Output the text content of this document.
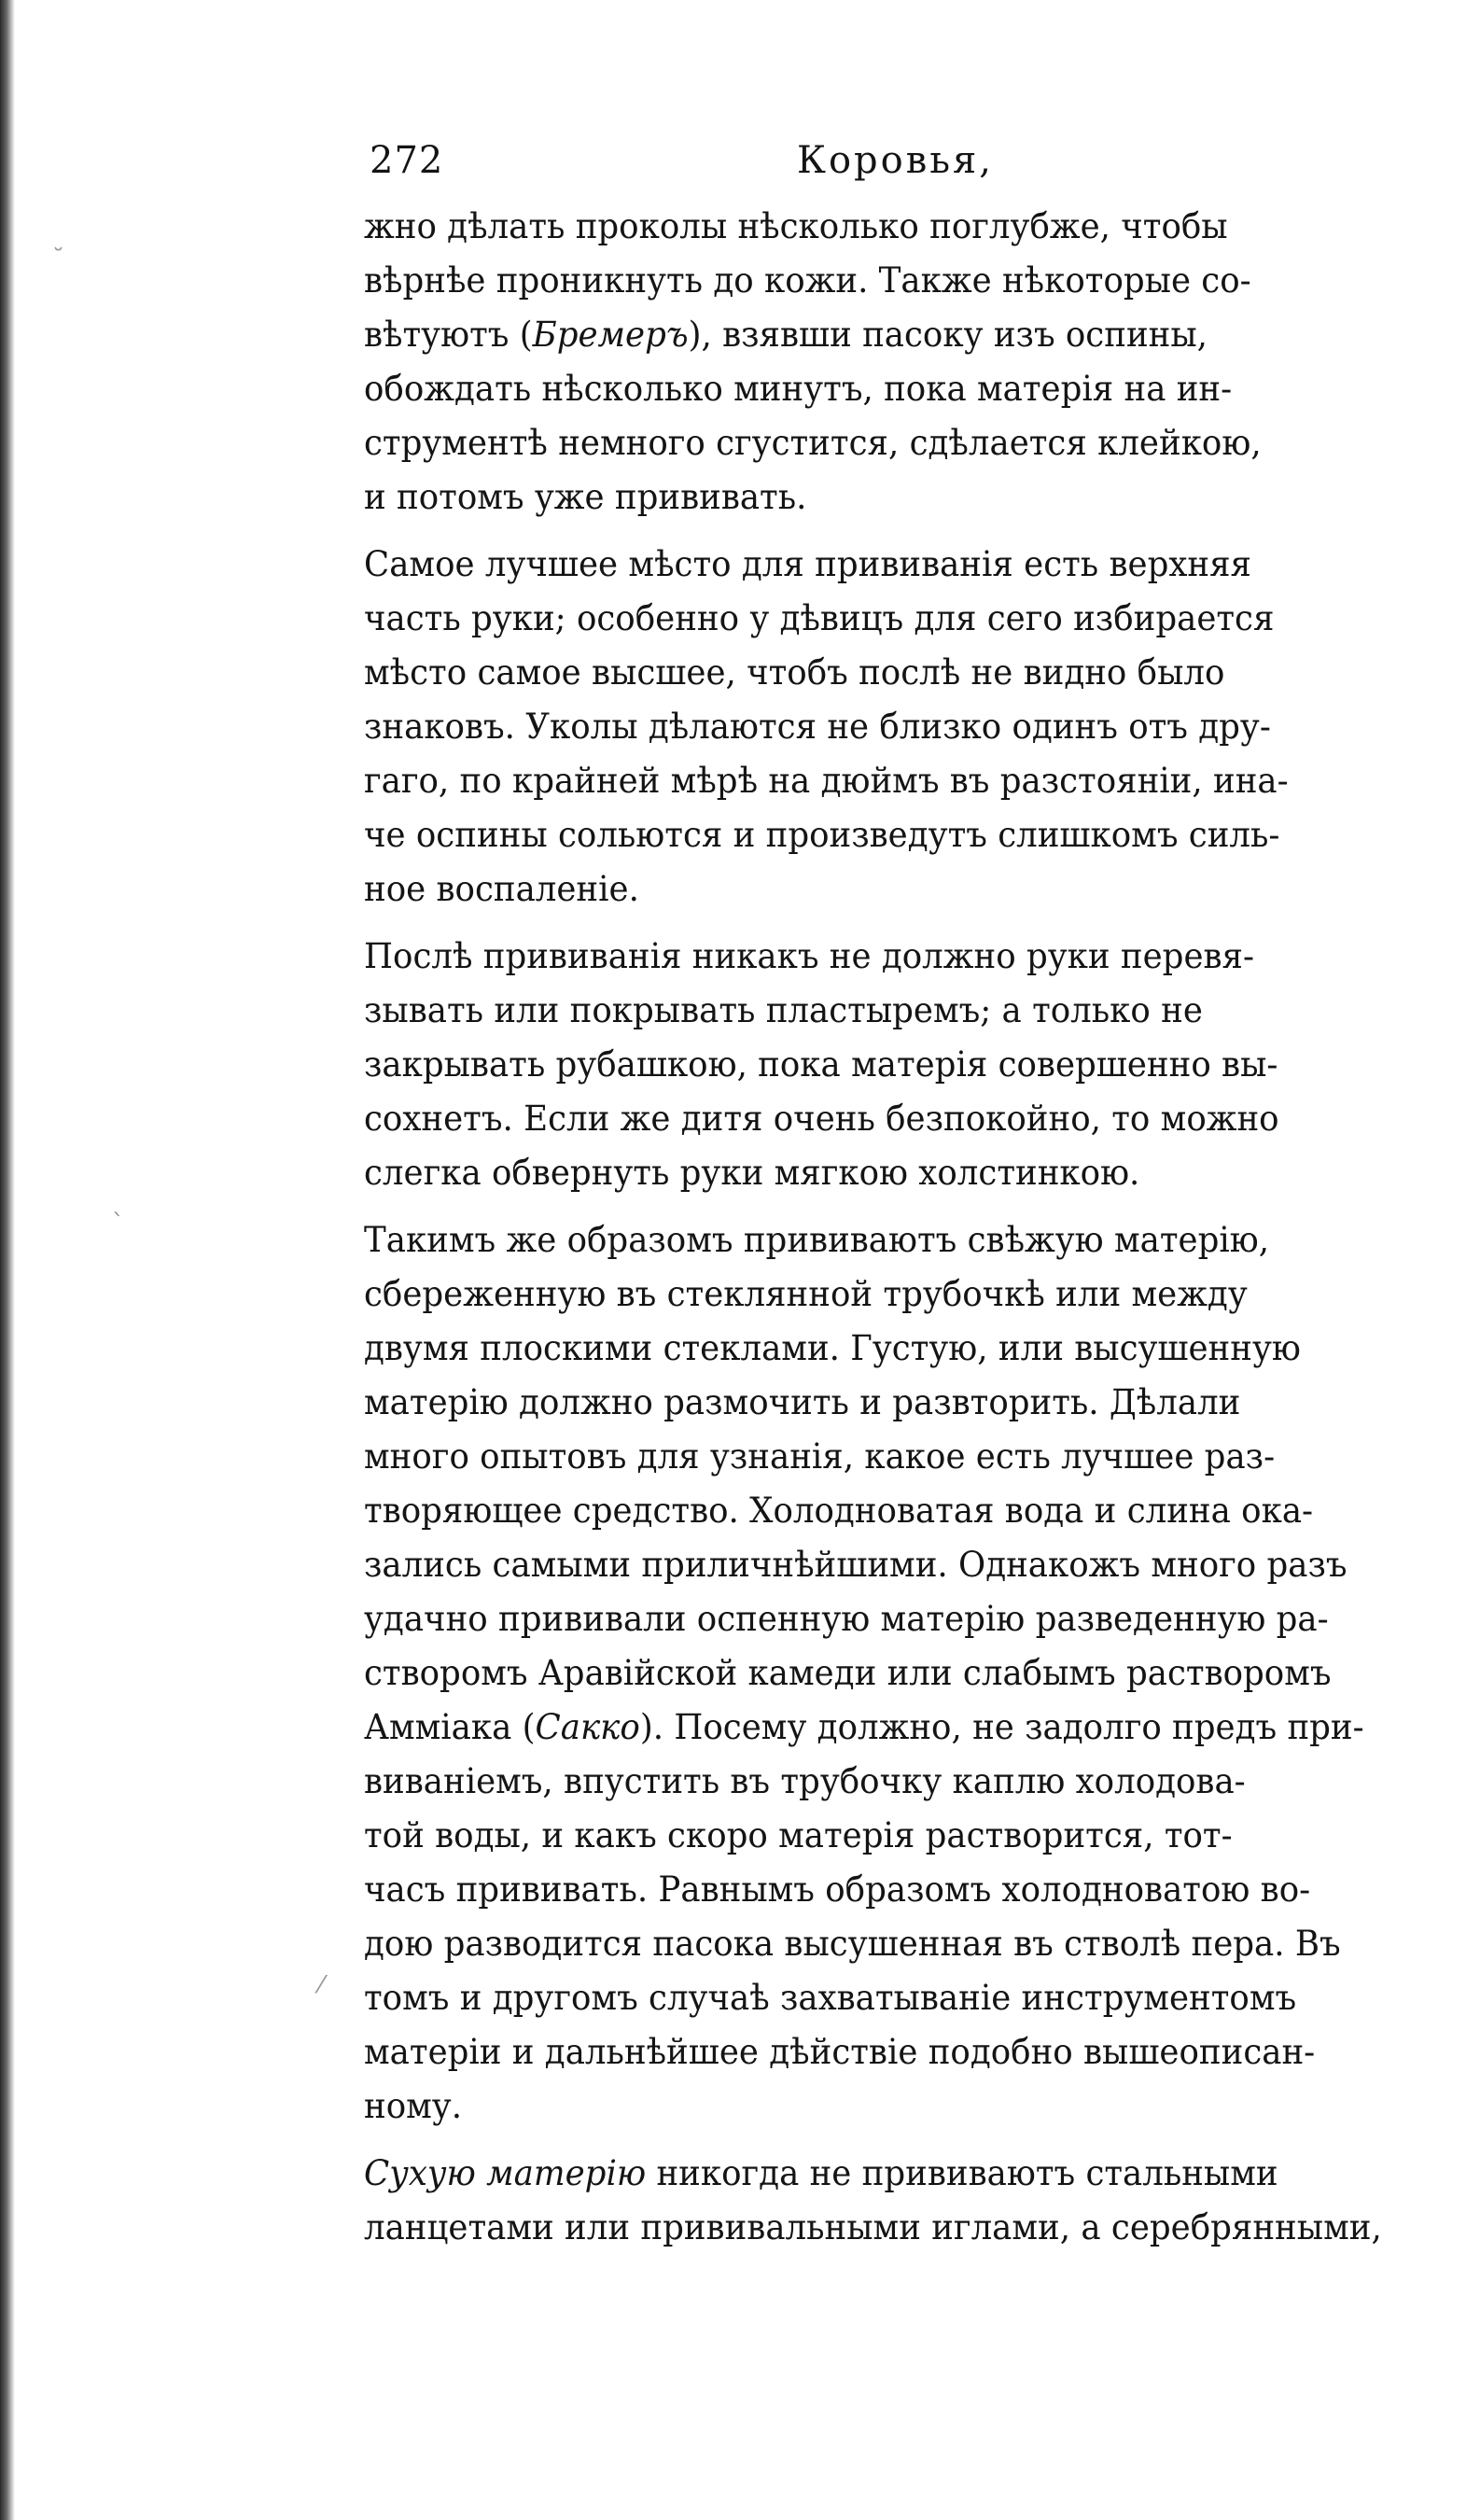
272	Коровья,
жно дѣлать проколы нѣсколько поглубже, чтобы
вѣрнѣе проникнуть до кожи. Также нѣкоторые со-
вѣтуютъ (Бремеръ), взявши пасоку изъ оспины,
обождать нѣсколько минутъ, пока матерія на ин-
струментѣ немного сгустится, сдѣлается клейкою,
и потомъ уже прививать.
Самое лучшее мѣсто для прививанія есть верхняя
часть руки; особенно у дѣвицъ для сего избирается
мѣсто самое высшее, чтобъ послѣ не видно было
знаковъ. Уколы дѣлаются не близко одинъ отъ дру-
гаго, по крайней мѣрѣ на дюймъ въ разстояніи, ина-
че оспины сольются и произведутъ слишкомъ силь-
ное воспаленіе.
Послѣ прививанія никакъ не должно руки перевя-
зывать или покрывать пластыремъ; а только не
закрывать рубашкою, пока матерія совершенно вы-
сохнетъ. Если же дитя очень безпокойно, то можно
слегка обвернуть руки мягкою холстинкою.
Такимъ же образомъ прививаютъ свѣжую матерію,
сбереженную въ стеклянной трубочкѣ или между
двумя плоскими стеклами. Густую, или высушенную
матерію должно размочить и развторить. Дѣлали
много опытовъ для узнанія, какое есть лучшее раз-
творяющее средство. Холодноватая вода и слина ока-
зались самыми приличнѣйшими. Однакожъ много разъ
удачно прививали оспенную матерію разведенную ра-
створомъ Аравійской камеди или слабымъ растворомъ
Амміака (Сакко). Посему должно, не задолго предъ при-
виваніемъ, впустить въ трубочку каплю холодова-
той воды, и какъ скоро матерія растворится, тот-
часъ прививать. Равнымъ образомъ холодноватою во-
дою разводится пасока высушенная въ стволѣ пера. Въ
томъ и другомъ случаѣ захватываніе инструментомъ
матеріи и дальнѣйшее дѣйствіе подобно вышеописан-
ному.
Сухую матерію никогда не прививаютъ стальными
ланцетами или прививальными иглами, а серебрянными,
˘
`
⁄
